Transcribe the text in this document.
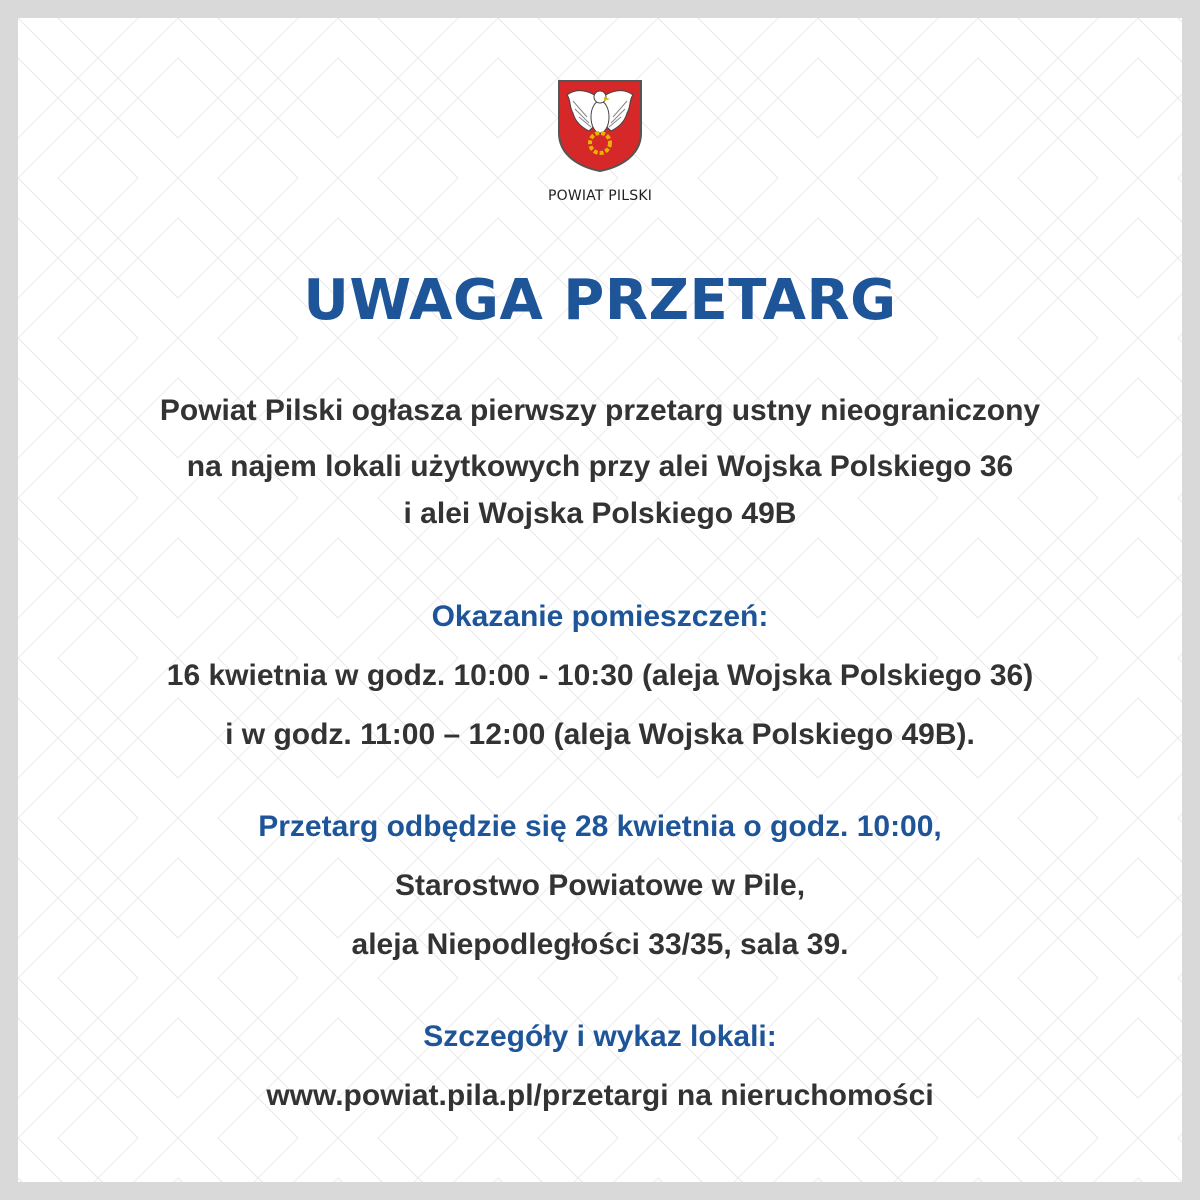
POWIAT PILSKI
UWAGA PRZETARG
Powiat Pilski ogłasza pierwszy przetarg ustny nieograniczony
na najem lokali użytkowych przy alei Wojska Polskiego 36
i alei Wojska Polskiego 49B
Okazanie pomieszczeń:
16 kwietnia w godz. 10:00 - 10:30 (aleja Wojska Polskiego 36)
i w godz. 11:00 – 12:00 (aleja Wojska Polskiego 49B).
Przetarg odbędzie się 28 kwietnia o godz. 10:00,
Starostwo Powiatowe w Pile,
aleja Niepodległości 33/35, sala 39.
Szczegóły i wykaz lokali:
www.powiat.pila.pl/przetargi na nieruchomości
